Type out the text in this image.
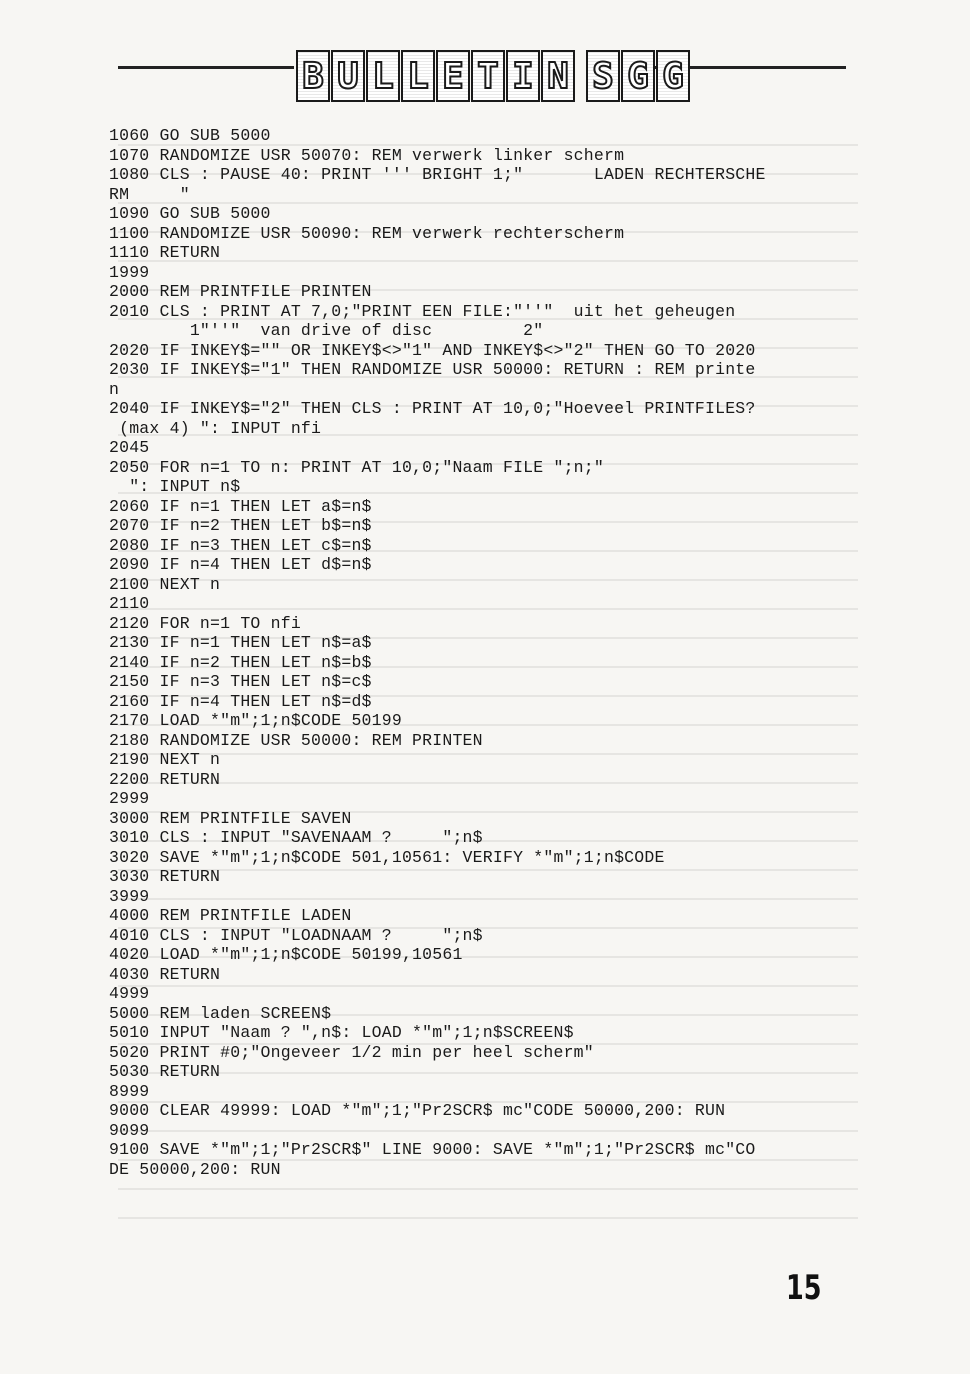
B U L L E T I N S G G
1060 GO SUB 5000
1070 RANDOMIZE USR 50070: REM verwerk linker scherm
1080 CLS : PAUSE 40: PRINT ''' BRIGHT 1;"       LADEN RECHTERSCHE
RM     "
1090 GO SUB 5000
1100 RANDOMIZE USR 50090: REM verwerk rechterscherm
1110 RETURN
1999
2000 REM PRINTFILE PRINTEN
2010 CLS : PRINT AT 7,0;"PRINT EEN FILE:"''"  uit het geheugen
1"''"  van drive of disc         2"
2020 IF INKEY$="" OR INKEY$<>"1" AND INKEY$<>"2" THEN GO TO 2020
2030 IF INKEY$="1" THEN RANDOMIZE USR 50000: RETURN : REM printe
n
2040 IF INKEY$="2" THEN CLS : PRINT AT 10,0;"Hoeveel PRINTFILES?
(max 4) ": INPUT nfi
2045
2050 FOR n=1 TO n: PRINT AT 10,0;"Naam FILE ";n;"
": INPUT n$
2060 IF n=1 THEN LET a$=n$
2070 IF n=2 THEN LET b$=n$
2080 IF n=3 THEN LET c$=n$
2090 IF n=4 THEN LET d$=n$
2100 NEXT n
2110
2120 FOR n=1 TO nfi
2130 IF n=1 THEN LET n$=a$
2140 IF n=2 THEN LET n$=b$
2150 IF n=3 THEN LET n$=c$
2160 IF n=4 THEN LET n$=d$
2170 LOAD *"m";1;n$CODE 50199
2180 RANDOMIZE USR 50000: REM PRINTEN
2190 NEXT n
2200 RETURN
2999
3000 REM PRINTFILE SAVEN
3010 CLS : INPUT "SAVENAAM ?     ";n$
3020 SAVE *"m";1;n$CODE 501,10561: VERIFY *"m";1;n$CODE
3030 RETURN
3999
4000 REM PRINTFILE LADEN
4010 CLS : INPUT "LOADNAAM ?     ";n$
4020 LOAD *"m";1;n$CODE 50199,10561
4030 RETURN
4999
5000 REM laden SCREEN$
5010 INPUT "Naam ? ",n$: LOAD *"m";1;n$SCREEN$
5020 PRINT #0;"Ongeveer 1/2 min per heel scherm"
5030 RETURN
8999
9000 CLEAR 49999: LOAD *"m";1;"Pr2SCR$ mc"CODE 50000,200: RUN
9099
9100 SAVE *"m";1;"Pr2SCR$" LINE 9000: SAVE *"m";1;"Pr2SCR$ mc"CO
DE 50000,200: RUN
15
